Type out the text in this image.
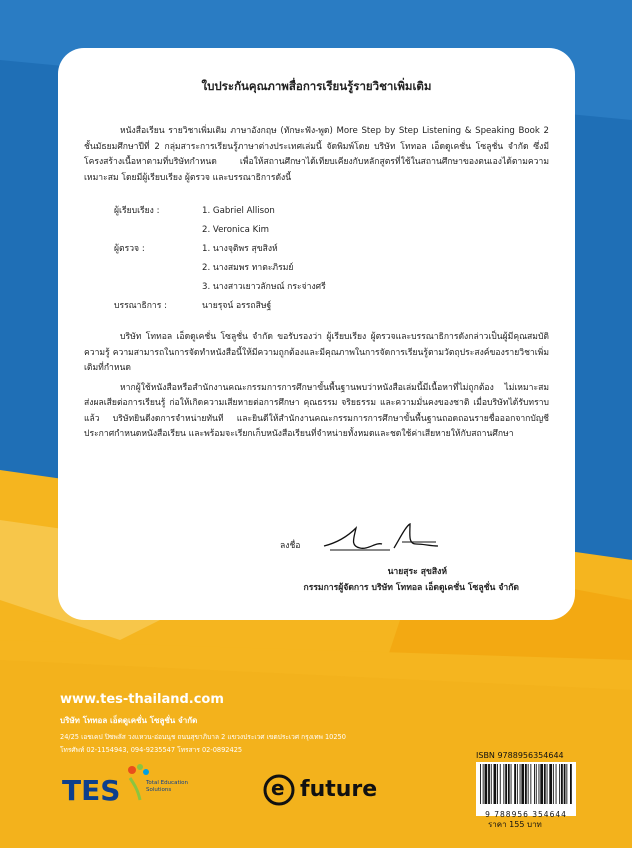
ใบประกันคุณภาพสื่อการเรียนรู้รายวิชาเพิ่มเติม

หนังสือเรียน รายวิชาเพิ่มเติม ภาษาอังกฤษ (ทักษะฟัง-พูด) More Step by Step Listening & Speaking Book 2 ชั้นมัธยมศึกษาปีที่ 2 กลุ่มสาระการเรียนรู้ภาษาต่างประเทศเล่มนี้ จัดพิมพ์โดย บริษัท โททอล เอ็ดดูเคชั่น โซลูชั่น จำกัด ซึ่งมีโครงสร้างเนื้อหาตามที่บริษัทกำหนด เพื่อให้สถานศึกษาได้เทียบเคียงกับหลักสูตรที่ใช้ในสถานศึกษาของตนเองได้ตามความเหมาะสม โดยมีผู้เรียบเรียง ผู้ตรวจ และบรรณาธิการดังนี้

ผู้เรียบเรียง :	1. Gabriel Allison
2. Veronica Kim
ผู้ตรวจ :	1. นางจุติพร สุขสิงห์
2. นางสมพร ทาตะภิรมย์
3. นางสาวเยาวลักษณ์ กระจ่างศรี
บรรณาธิการ :	นายรุจน์ อรรถสิษฐ์

บริษัท โททอล เอ็ดดูเคชั่น โซลูชั่น จำกัด ขอรับรองว่า ผู้เรียบเรียง ผู้ตรวจและบรรณาธิการดังกล่าวเป็นผู้มีคุณสมบัติ ความรู้ ความสามารถในการจัดทำหนังสือนี้ให้มีความถูกต้องและมีคุณภาพในการจัดการเรียนรู้ตามวัตถุประสงค์ของรายวิชาเพิ่มเติมที่กำหนด

หากผู้ใช้หนังสือหรือสำนักงานคณะกรรมการการศึกษาขั้นพื้นฐานพบว่าหนังสือเล่มนี้มีเนื้อหาที่ไม่ถูกต้อง ไม่เหมาะสม ส่งผลเสียต่อการเรียนรู้ ก่อให้เกิดความเสียหายต่อการศึกษา คุณธรรม จริยธรรม และความมั่นคงของชาติ เมื่อบริษัทได้รับทราบแล้ว บริษัทยินดีงดการจำหน่ายทันที และยินดีให้สำนักงานคณะกรรมการการศึกษาขั้นพื้นฐานถอดถอนรายชื่อออกจากบัญชีประกาศกำหนดหนังสือเรียน และพร้อมจะเรียกเก็บหนังสือเรียนที่จำหน่ายทั้งหมดและชดใช้ค่าเสียหายให้กับสถานศึกษา

ลงชื่อ
นายสุระ สุขสิงห์
กรรมการผู้จัดการ บริษัท โททอล เอ็ดดูเคชั่น โซลูชั่น จำกัด
www.tes-thailand.com
บริษัท โททอล เอ็ดดูเคชั่น โซลูชั่น จำกัด
24/25 เอชเคป ปิซพลัส วงแหวน-อ่อนนุช ถนนสุขาภิบาล 2 แขวงประเวศ เขตประเวศ กรุงเทพ 10250
โทรศัพท์ 02-1154943, 094-9235547 โทรสาร 02-0892425
TES	Total Education
Solutions	e future
ISBN 9788956354644
9 788956 354644
ราคา 155 บาท
